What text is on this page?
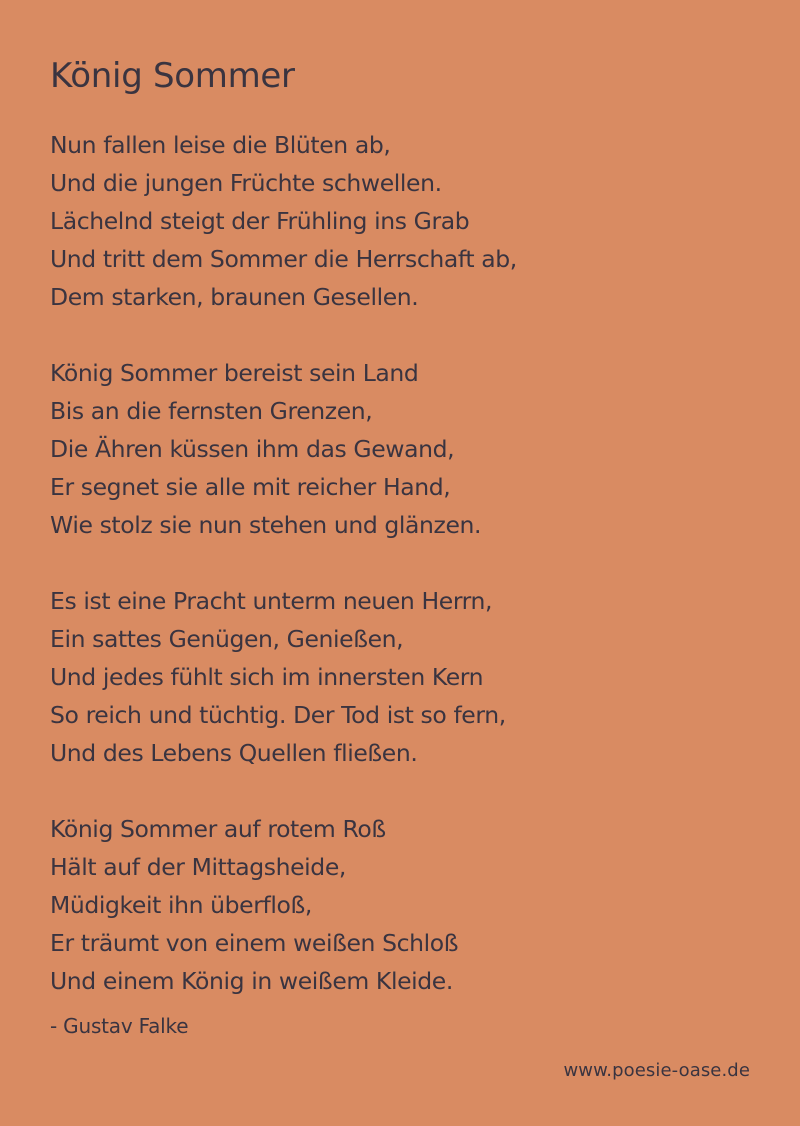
König Sommer
Nun fallen leise die Blüten ab,
Und die jungen Früchte schwellen.
Lächelnd steigt der Frühling ins Grab
Und tritt dem Sommer die Herrschaft ab,
Dem starken, braunen Gesellen.
König Sommer bereist sein Land
Bis an die fernsten Grenzen,
Die Ähren küssen ihm das Gewand,
Er segnet sie alle mit reicher Hand,
Wie stolz sie nun stehen und glänzen.
Es ist eine Pracht unterm neuen Herrn,
Ein sattes Genügen, Genießen,
Und jedes fühlt sich im innersten Kern
So reich und tüchtig. Der Tod ist so fern,
Und des Lebens Quellen fließen.
König Sommer auf rotem Roß
Hält auf der Mittagsheide,
Müdigkeit ihn überfloß,
Er träumt von einem weißen Schloß
Und einem König in weißem Kleide.
- Gustav Falke
www.poesie-oase.de
